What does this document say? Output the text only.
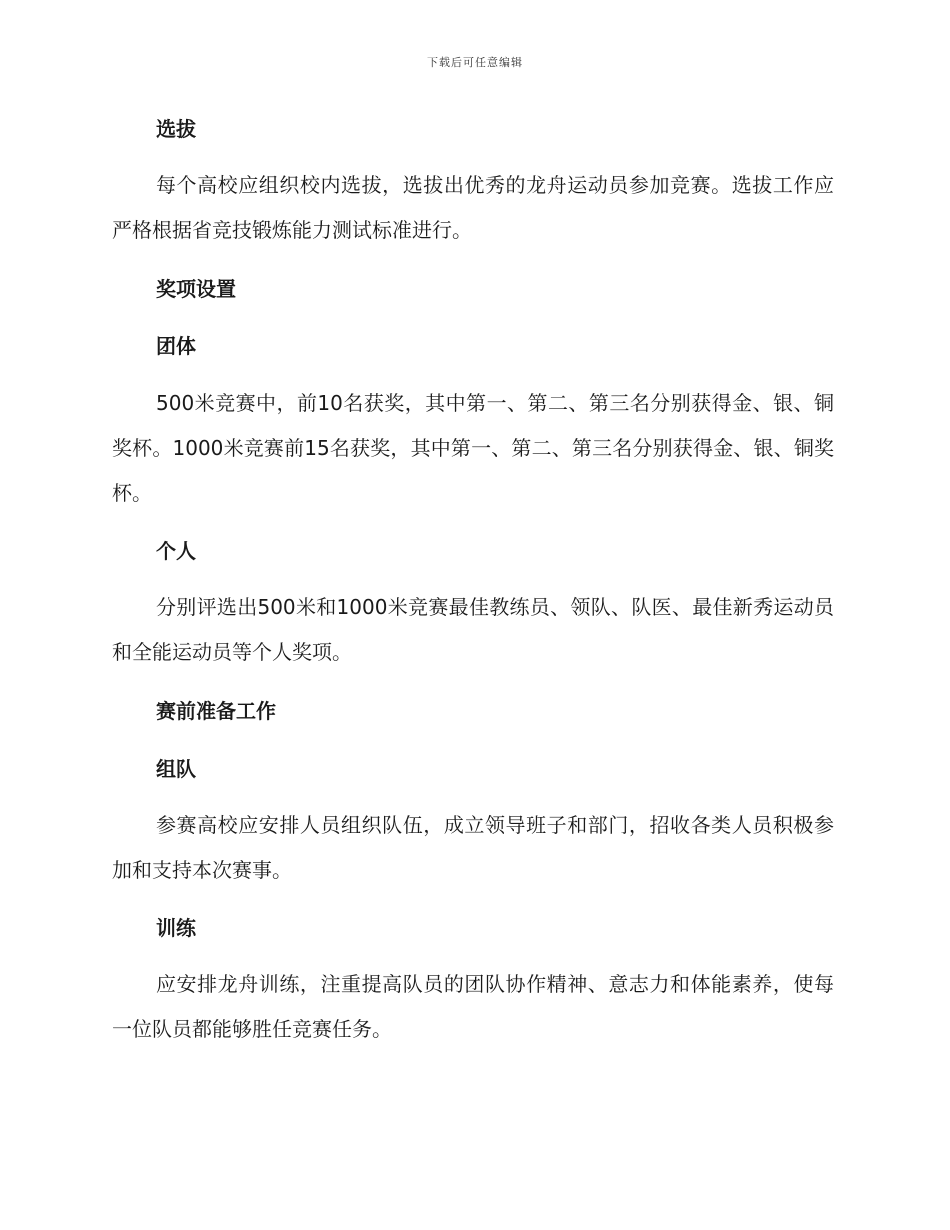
下载后可任意编辑
选拔
每个高校应组织校内选拔，选拔出优秀的龙舟运动员参加竞赛。选拔工作应严格根据省竞技锻炼能力测试标准进行。
奖项设置
团体
500米竞赛中，前10名获奖，其中第一、第二、第三名分别获得金、银、铜奖杯。1000米竞赛前15名获奖，其中第一、第二、第三名分别获得金、银、铜奖杯。
个人
分别评选出500米和1000米竞赛最佳教练员、领队、队医、最佳新秀运动员和全能运动员等个人奖项。
赛前准备工作
组队
参赛高校应安排人员组织队伍，成立领导班子和部门，招收各类人员积极参加和支持本次赛事。
训练
应安排龙舟训练，注重提高队员的团队协作精神、意志力和体能素养，使每一位队员都能够胜任竞赛任务。
